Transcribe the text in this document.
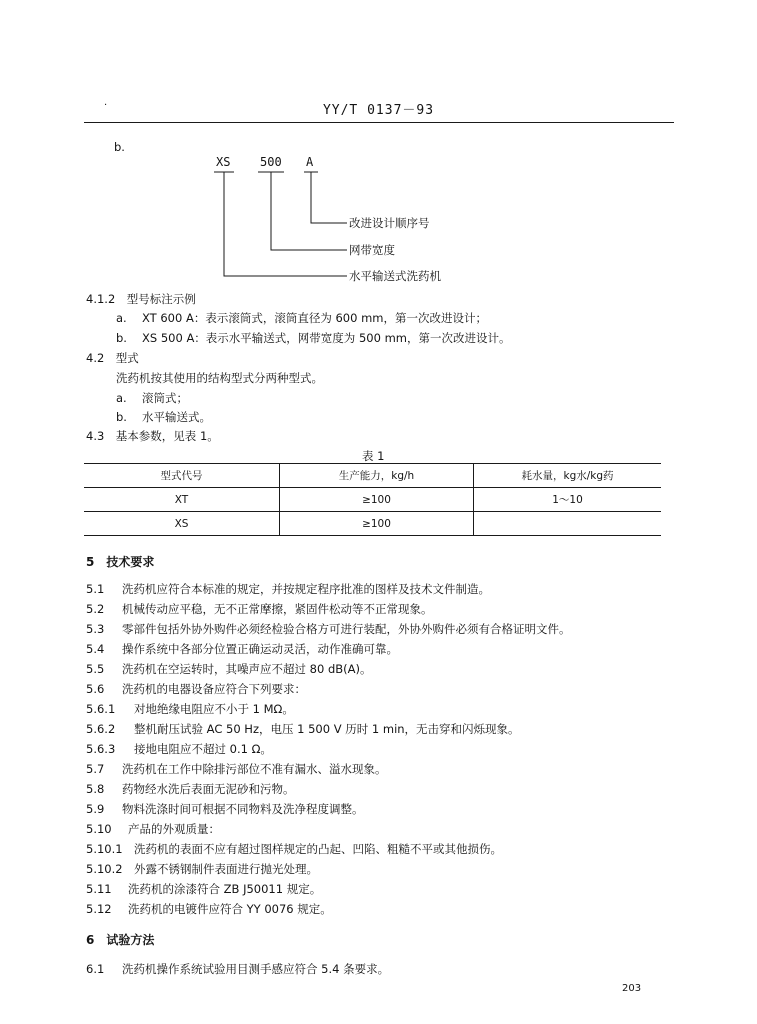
·	YY/T 0137－93
b.
XS 500 A
改进设计顺序号
网带宽度
水平输送式洗药机
4.1.2　型号标注示例
a. XT 600 A：表示滚筒式，滚筒直径为 600 mm，第一次改进设计；
b. XS 500 A：表示水平输送式，网带宽度为 500 mm，第一次改进设计。
4.2　型式
洗药机按其使用的结构型式分两种型式。
a. 滚筒式；
b. 水平输送式。
4.3　基本参数，见表 1。
表 1
型式代号	生产能力，kg/h	耗水量，kg水/kg药
XT	≥100	1～10
XS	≥100	
5　技术要求
5.1 洗药机应符合本标准的规定，并按规定程序批准的图样及技术文件制造。
5.2 机械传动应平稳，无不正常摩擦，紧固件松动等不正常现象。
5.3 零部件包括外协外购件必须经检验合格方可进行装配，外协外购件必须有合格证明文件。
5.4 操作系统中各部分位置正确运动灵活，动作准确可靠。
5.5 洗药机在空运转时，其噪声应不超过 80 dB(A)。
5.6 洗药机的电器设备应符合下列要求：
5.6.1 对地绝缘电阻应不小于 1 MΩ。
5.6.2 整机耐压试验 AC 50 Hz，电压 1 500 V 历时 1 min，无击穿和闪烁现象。
5.6.3 接地电阻应不超过 0.1 Ω。
5.7 洗药机在工作中除排污部位不准有漏水、溢水现象。
5.8 药物经水洗后表面无泥砂和污物。
5.9 物料洗涤时间可根据不同物料及洗净程度调整。
5.10 产品的外观质量：
5.10.1 洗药机的表面不应有超过图样规定的凸起、凹陷、粗糙不平或其他损伤。
5.10.2 外露不锈钢制件表面进行抛光处理。
5.11 洗药机的涂漆符合 ZB J50011 规定。
5.12 洗药机的电镀件应符合 YY 0076 规定。
6　试验方法
6.1 洗药机操作系统试验用目测手感应符合 5.4 条要求。
203
